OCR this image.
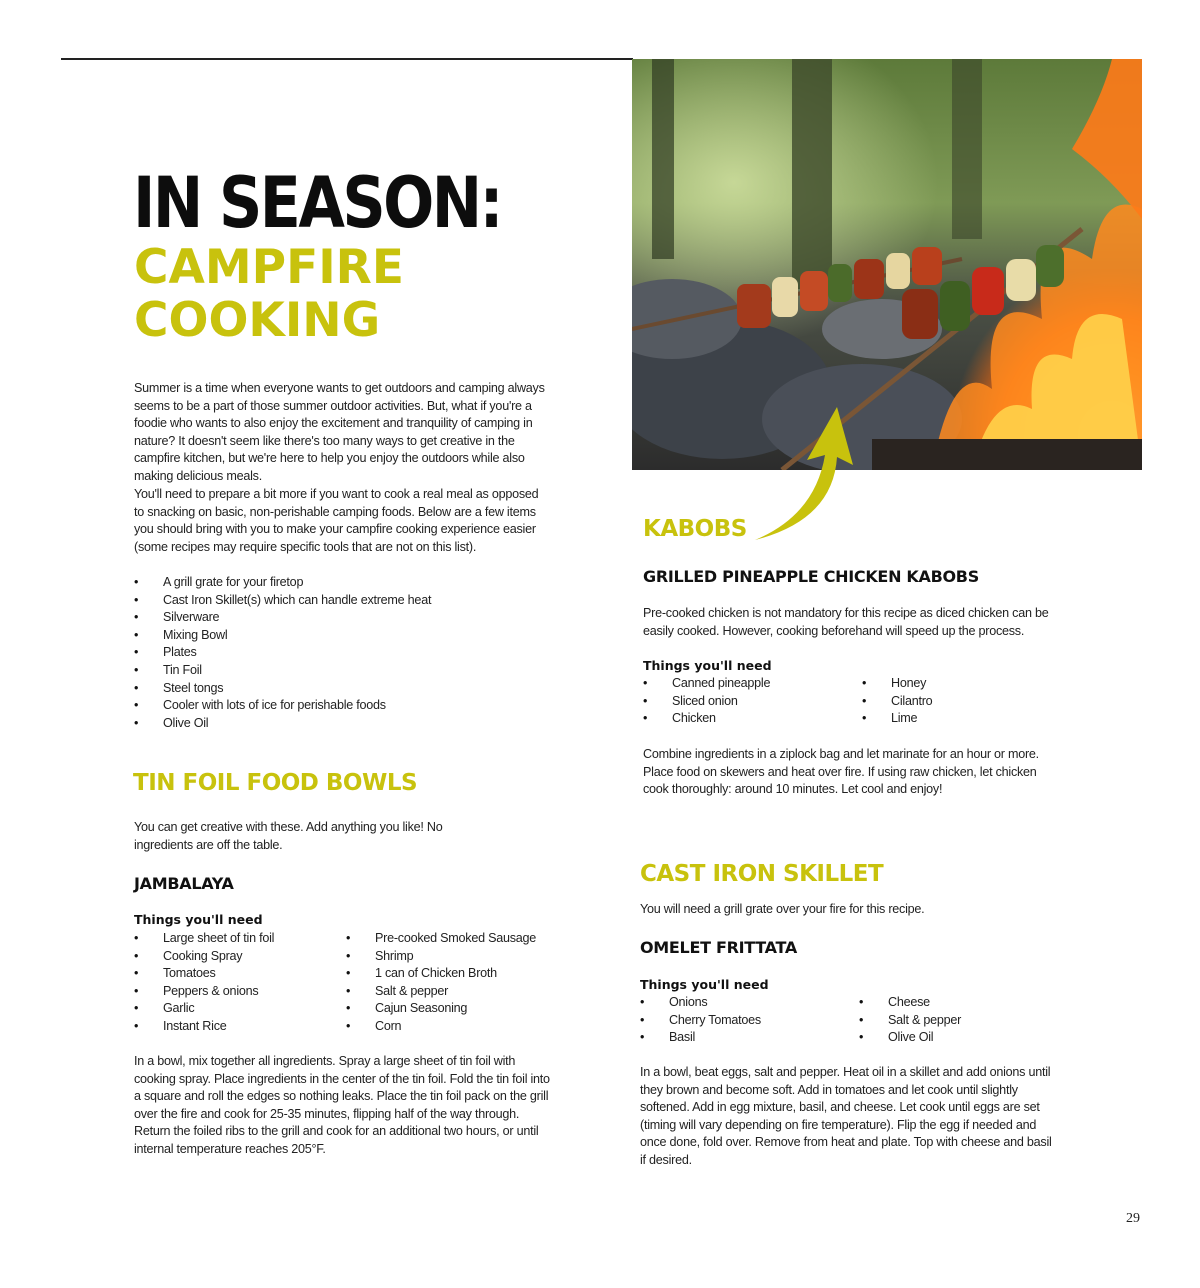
IN SEASON:
CAMPFIRE COOKING

Summer is a time when everyone wants to get outdoors and camping always seems to be a part of those summer outdoor activities. But, what if you're a foodie who wants to also enjoy the excitement and tranquility of camping in nature? It doesn't seem like there's too many ways to get creative in the campfire kitchen, but we're here to help you enjoy the outdoors while also making delicious meals.

You'll need to prepare a bit more if you want to cook a real meal as opposed to snacking on basic, non-perishable camping foods. Below are a few items you should bring with you to make your campfire cooking experience easier (some recipes may require specific tools that are not on this list).

• A grill grate for your firetop
• Cast Iron Skillet(s) which can handle extreme heat
• Silverware
• Mixing Bowl
• Plates
• Tin Foil
• Steel tongs
• Cooler with lots of ice for perishable foods
• Olive Oil
TIN FOIL FOOD BOWLS

You can get creative with these. Add anything you like! No ingredients are off the table.

JAMBALAYA
Things you'll need
• Large sheet of tin foil
• Cooking Spray
• Tomatoes
• Peppers & onions
• Garlic
• Instant Rice
• Pre-cooked Smoked Sausage
• Shrimp
• 1 can of Chicken Broth
• Salt & pepper
• Cajun Seasoning
• Corn

In a bowl, mix together all ingredients. Spray a large sheet of tin foil with cooking spray. Place ingredients in the center of the tin foil. Fold the tin foil into a square and roll the edges so nothing leaks. Place the tin foil pack on the grill over the fire and cook for 25-35 minutes, flipping half of the way through. Return the foiled ribs to the grill and cook for an additional two hours, or until internal temperature reaches 205°F.

KABOBS
GRILLED PINEAPPLE CHICKEN KABOBS

Pre-cooked chicken is not mandatory for this recipe as diced chicken can be easily cooked. However, cooking beforehand will speed up the process.

Things you'll need
• Canned pineapple
• Sliced onion
• Chicken
• Honey
• Cilantro
• Lime

Combine ingredients in a ziplock bag and let marinate for an hour or more. Place food on skewers and heat over fire. If using raw chicken, let chicken cook thoroughly: around 10 minutes. Let cool and enjoy!

CAST IRON SKILLET

You will need a grill grate over your fire for this recipe.

OMELET FRITTATA
Things you'll need
• Onions
• Cherry Tomatoes
• Basil
• Cheese
• Salt & pepper
• Olive Oil

In a bowl, beat eggs, salt and pepper. Heat oil in a skillet and add onions until they brown and become soft. Add in tomatoes and let cook until slightly softened. Add in egg mixture, basil, and cheese. Let cook until eggs are set (timing will vary depending on fire temperature). Flip the egg if needed and once done, fold over. Remove from heat and plate. Top with cheese and basil if desired.

29
